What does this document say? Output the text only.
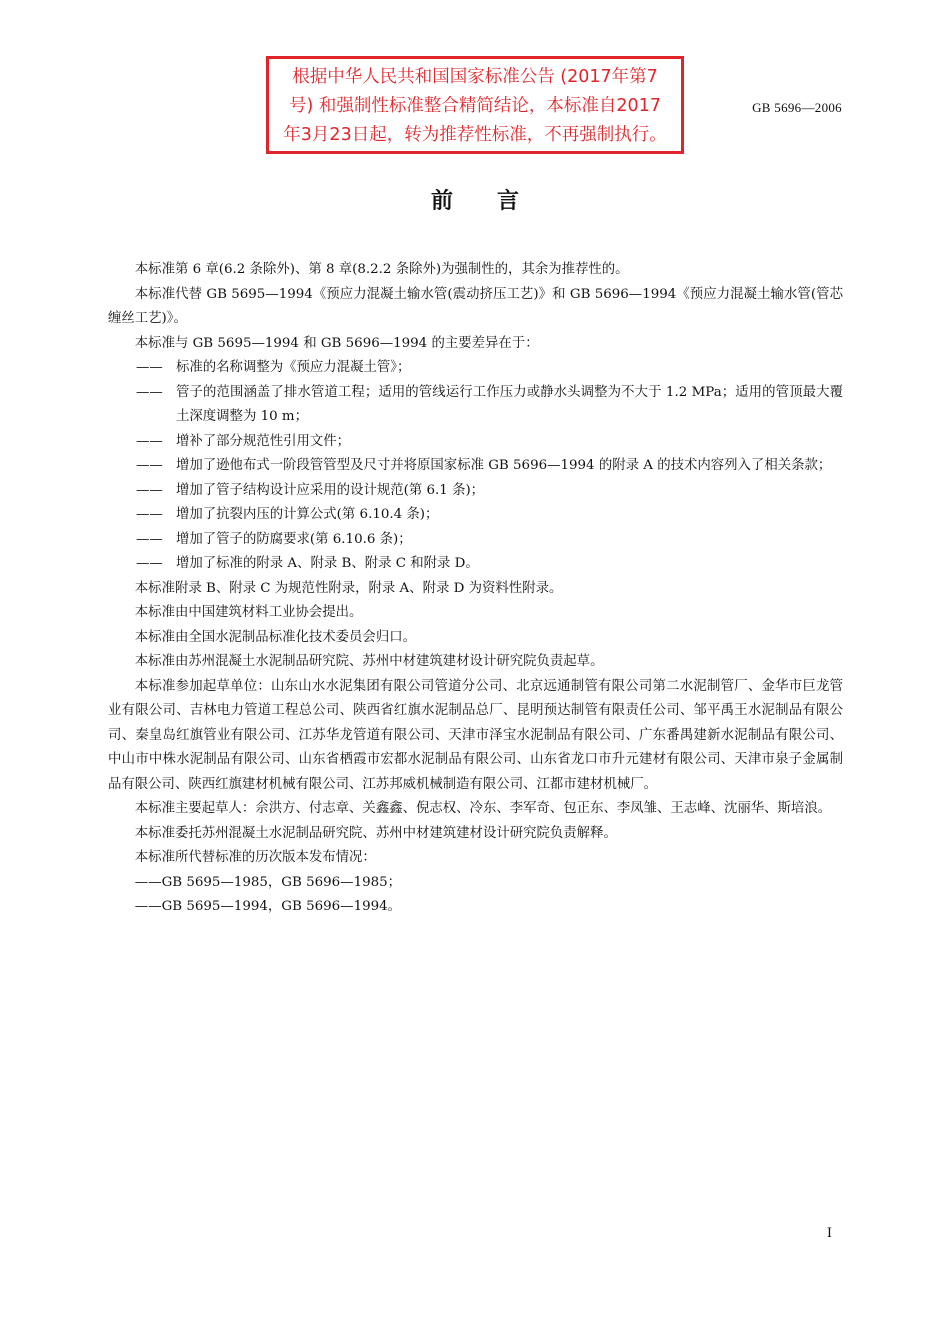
根据中华人民共和国国家标准公告 (2017年第7
号) 和强制性标准整合精简结论，本标准自2017
年3月23日起，转为推荐性标准，不再强制执行。
GB 5696—2006
前言

本标准第 6 章(6.2 条除外)、第 8 章(8.2.2 条除外)为强制性的，其余为推荐性的。

本标准代替 GB 5695—1994《预应力混凝土输水管(震动挤压工艺)》和 GB 5696—1994《预应力混凝土输水管(管芯缠丝工艺)》。

本标准与 GB 5695—1994 和 GB 5696—1994 的主要差异在于：

—— 标准的名称调整为《预应力混凝土管》；
—— 管子的范围涵盖了排水管道工程；适用的管线运行工作压力或静水头调整为不大于 1.2 MPa；适用的管顶最大覆土深度调整为 10 m；
—— 增补了部分规范性引用文件；
—— 增加了逊他布式一阶段管管型及尺寸并将原国家标准 GB 5696—1994 的附录 A 的技术内容列入了相关条款；
—— 增加了管子结构设计应采用的设计规范(第 6.1 条)；
—— 增加了抗裂内压的计算公式(第 6.10.4 条)；
—— 增加了管子的防腐要求(第 6.10.6 条)；
—— 增加了标准的附录 A、附录 B、附录 C 和附录 D。

本标准附录 B、附录 C 为规范性附录，附录 A、附录 D 为资料性附录。

本标准由中国建筑材料工业协会提出。

本标准由全国水泥制品标准化技术委员会归口。

本标准由苏州混凝土水泥制品研究院、苏州中材建筑建材设计研究院负责起草。

本标准参加起草单位：山东山水水泥集团有限公司管道分公司、北京远通制管有限公司第二水泥制管厂、金华市巨龙管业有限公司、吉林电力管道工程总公司、陕西省红旗水泥制品总厂、昆明预达制管有限责任公司、邹平禹王水泥制品有限公司、秦皇岛红旗管业有限公司、江苏华龙管道有限公司、天津市泽宝水泥制品有限公司、广东番禺建新水泥制品有限公司、中山市中株水泥制品有限公司、山东省栖霞市宏都水泥制品有限公司、山东省龙口市升元建材有限公司、天津市泉子金属制品有限公司、陕西红旗建材机械有限公司、江苏邦威机械制造有限公司、江都市建材机械厂。

本标准主要起草人：佘洪方、付志章、关鑫鑫、倪志权、冷东、李军奇、包正东、李凤雏、王志峰、沈丽华、斯培浪。

本标准委托苏州混凝土水泥制品研究院、苏州中材建筑建材设计研究院负责解释。

本标准所代替标准的历次版本发布情况：

——GB 5695—1985，GB 5696—1985；

——GB 5695—1994，GB 5696—1994。

I
